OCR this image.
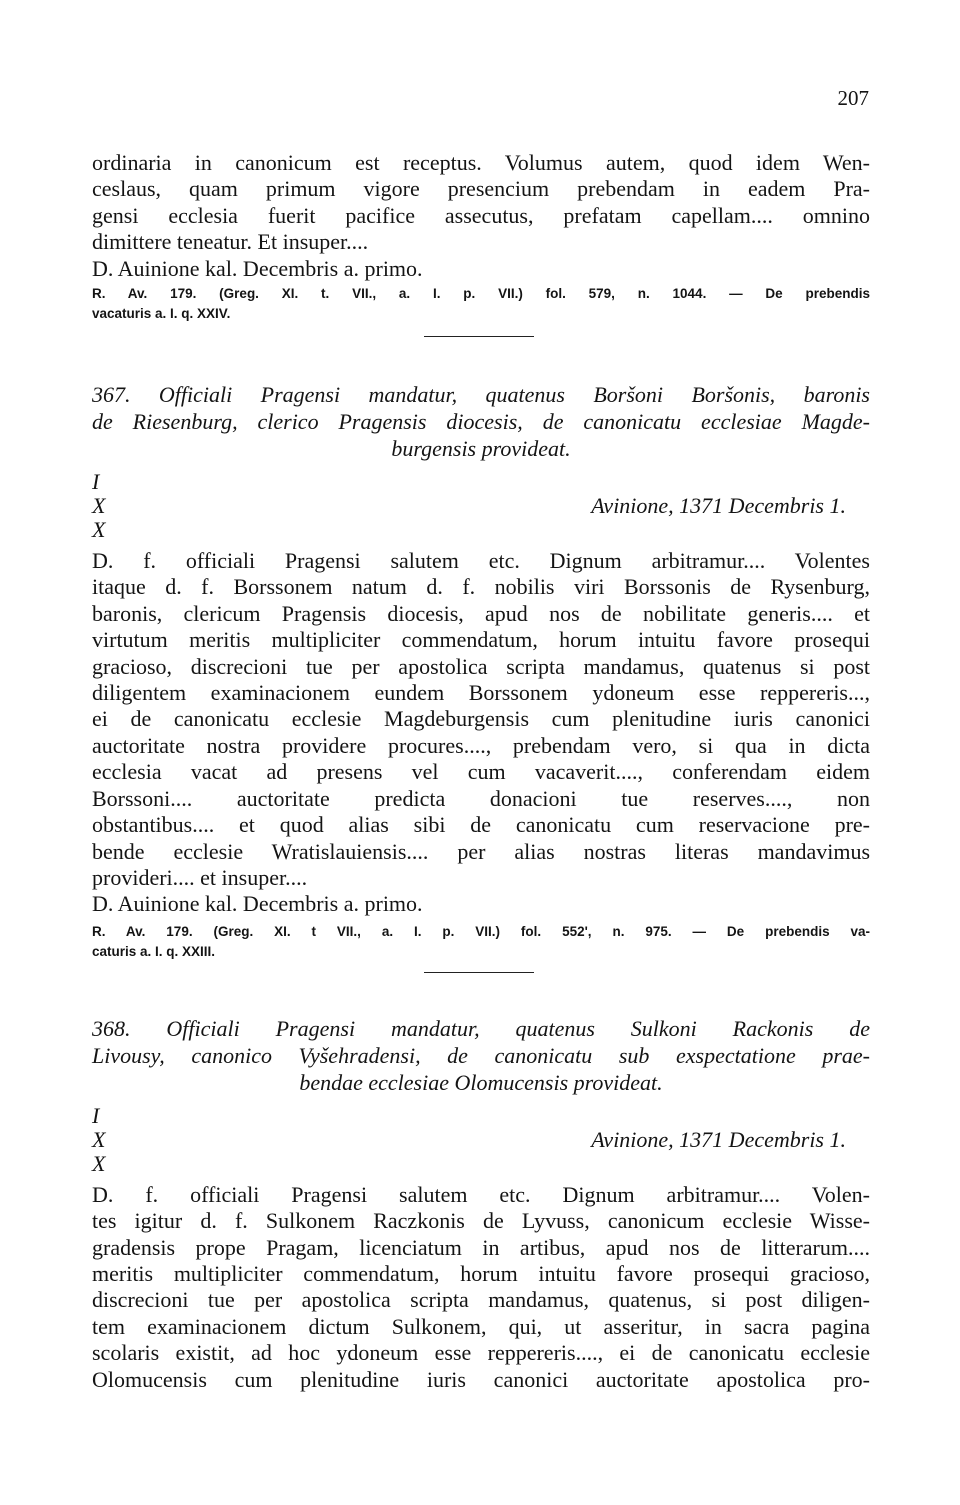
207

ordinaria in canonicum est receptus. Volumus autem, quod idem Wen-
ceslaus, quam primum vigore presencium prebendam in eadem Pra-
gensi ecclesia fuerit pacifice assecutus, prefatam capellam.... omnino
dimittere teneatur. Et insuper....

D. Auinione kal. Decembris a. primo.

R. Av. 179. (Greg. XI. t. VII., a. I. p. VII.) fol. 579, n. 1044. — De prebendis
vacaturis a. I. q. XXIV.
367. Officiali Pragensi mandatur, quatenus Boršoni Boršonis, baronis
de Riesenburg, clerico Pragensis diocesis, de canonicatu ecclesiae Magde-
burgensis provideat.
I
X
X
Avinione, 1371 Decembris 1.

D. f. officiali Pragensi salutem etc. Dignum arbitramur.... Volentes
itaque d. f. Borssonem natum d. f. nobilis viri Borssonis de Rysenburg,
baronis, clericum Pragensis diocesis, apud nos de nobilitate generis.... et
virtutum meritis multipliciter commendatum, horum intuitu favore prosequi
gracioso, discrecioni tue per apostolica scripta mandamus, quatenus si post
diligentem examinacionem eundem Borssonem ydoneum esse reppereris...,
ei de canonicatu ecclesie Magdeburgensis cum plenitudine iuris canonici
auctoritate nostra providere procures...., prebendam vero, si qua in dicta
ecclesia vacat ad presens vel cum vacaverit...., conferendam eidem
Borssoni.... auctoritate predicta donacioni tue reserves...., non
obstantibus.... et quod alias sibi de canonicatu cum reservacione pre-
bende ecclesie Wratislauiensis.... per alias nostras literas mandavimus
provideri.... et insuper....
D. Auinione kal. Decembris a. primo.

R. Av. 179. (Greg. XI. t VII., a. I. p. VII.) fol. 552', n. 975. — De prebendis va-
caturis a. I. q. XXIII.
368. Officiali Pragensi mandatur, quatenus Sulkoni Rackonis de
Livousy, canonico Vyšehradensi, de canonicatu sub exspectatione prae-
bendae ecclesiae Olomucensis provideat.
I
X
X
Avinione, 1371 Decembris 1.

D. f. officiali Pragensi salutem etc. Dignum arbitramur.... Volen-
tes igitur d. f. Sulkonem Raczkonis de Lyvuss, canonicum ecclesie Wisse-
gradensis prope Pragam, licenciatum in artibus, apud nos de litterarum....
meritis multipliciter commendatum, horum intuitu favore prosequi gracioso,
discrecioni tue per apostolica scripta mandamus, quatenus, si post diligen-
tem examinacionem dictum Sulkonem, qui, ut asseritur, in sacra pagina
scolaris existit, ad hoc ydoneum esse reppereris...., ei de canonicatu ecclesie
Olomucensis cum plenitudine iuris canonici auctoritate apostolica pro-
